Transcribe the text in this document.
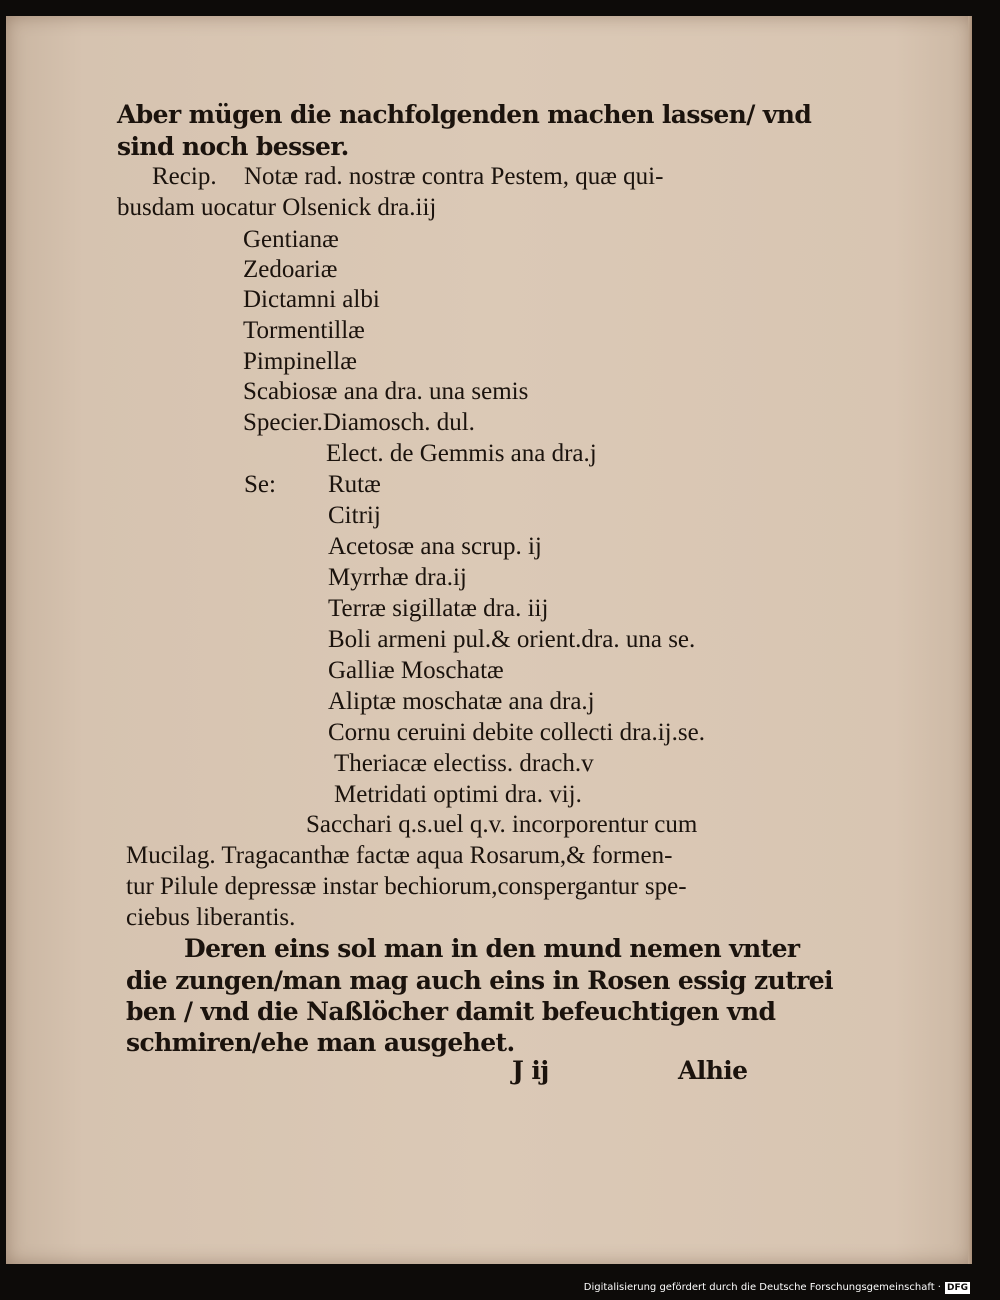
Aber mügen die nachfolgenden machen lassen/ vnd

sind noch besser.

Recip. Notæ rad. nostræ contra Pestem, quæ qui-

busdam uocatur Olsenick dra.iij

Gentianæ

Zedoariæ

Dictamni albi

Tormentillæ

Pimpinellæ

Scabiosæ ana dra. una semis

Specier.Diamosch. dul.

Elect. de Gemmis ana dra.j

Se: Rutæ

Citrij

Acetosæ ana scrup. ij

Myrrhæ dra.ij

Terræ sigillatæ dra. iij

Boli armeni pul.& orient.dra. una se.

Galliæ Moschatæ

Aliptæ moschatæ ana dra.j

Cornu ceruini debite collecti dra.ij.se.

Theriacæ electiss. drach.v

Metridati optimi dra. vij.

Sacchari q.s.uel q.v. incorporentur cum

Mucilag. Tragacanthæ factæ aqua Rosarum,& formen-

tur Pilule depressæ instar bechiorum,conspergantur spe-

ciebus liberantis.

Deren eins sol man in den mund nemen vnter

die zungen/man mag auch eins in Rosen essig zutrei

ben / vnd die Naßlöcher damit befeuchtigen vnd

schmiren/ehe man ausgehet.

J ij	Alhie

Digitalisierung gefördert durch die Deutsche Forschungsgemeinschaft · DFG
